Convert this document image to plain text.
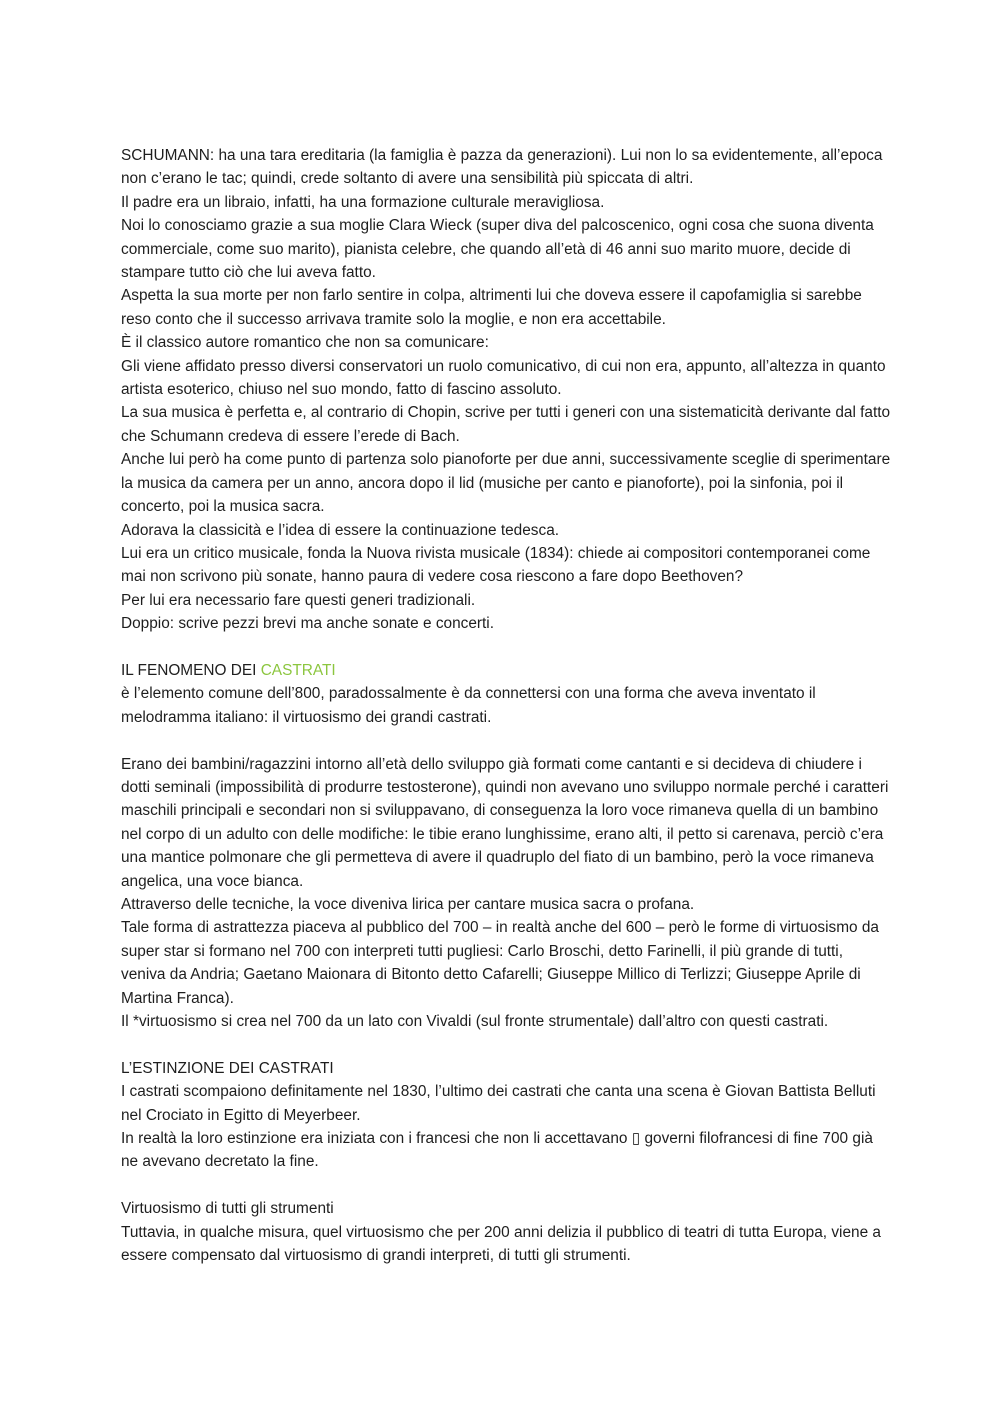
SCHUMANN: ha una tara ereditaria (la famiglia è pazza da generazioni). Lui non lo sa evidentemente, all’epoca non c’erano le tac; quindi, crede soltanto di avere una sensibilità più spiccata di altri.

Il padre era un libraio, infatti, ha una formazione culturale meravigliosa.

Noi lo conosciamo grazie a sua moglie Clara Wieck (super diva del palcoscenico, ogni cosa che suona diventa commerciale, come suo marito), pianista celebre, che quando all’età di 46 anni suo marito muore, decide di stampare tutto ciò che lui aveva fatto.

Aspetta la sua morte per non farlo sentire in colpa, altrimenti lui che doveva essere il capofamiglia si sarebbe reso conto che il successo arrivava tramite solo la moglie, e non era accettabile.

È il classico autore romantico che non sa comunicare:

Gli viene affidato presso diversi conservatori un ruolo comunicativo, di cui non era, appunto, all’altezza in quanto artista esoterico, chiuso nel suo mondo, fatto di fascino assoluto.

La sua musica è perfetta e, al contrario di Chopin, scrive per tutti i generi con una sistematicità derivante dal fatto che Schumann credeva di essere l’erede di Bach.

Anche lui però ha come punto di partenza solo pianoforte per due anni, successivamente sceglie di sperimentare la musica da camera per un anno, ancora dopo il lid (musiche per canto e pianoforte), poi la sinfonia, poi il concerto, poi la musica sacra.

Adorava la classicità e l’idea di essere la continuazione tedesca.

Lui era un critico musicale, fonda la Nuova rivista musicale (1834): chiede ai compositori contemporanei come mai non scrivono più sonate, hanno paura di vedere cosa riescono a fare dopo Beethoven?

Per lui era necessario fare questi generi tradizionali.

Doppio: scrive pezzi brevi ma anche sonate e concerti.

IL FENOMENO DEI CASTRATI

è l’elemento comune dell’800, paradossalmente è da connettersi con una forma che aveva inventato il melodramma italiano: il virtuosismo dei grandi castrati.

Erano dei bambini/ragazzini intorno all’età dello sviluppo già formati come cantanti e si decideva di chiudere i dotti seminali (impossibilità di produrre testosterone), quindi non avevano uno sviluppo normale perché i caratteri maschili principali e secondari non si sviluppavano, di conseguenza la loro voce rimaneva quella di un bambino nel corpo di un adulto con delle modifiche: le tibie erano lunghissime, erano alti, il petto si carenava, perciò c’era una mantice polmonare che gli permetteva di avere il quadruplo del fiato di un bambino, però la voce rimaneva angelica, una voce bianca.

Attraverso delle tecniche, la voce diveniva lirica per cantare musica sacra o profana.

Tale forma di astrattezza piaceva al pubblico del 700 – in realtà anche del 600 – però le forme di virtuosismo da super star si formano nel 700 con interpreti tutti pugliesi: Carlo Broschi, detto Farinelli, il più grande di tutti, veniva da Andria; Gaetano Maionara di Bitonto detto Cafarelli; Giuseppe Millico di Terlizzi; Giuseppe Aprile di Martina Franca).

Il *virtuosismo si crea nel 700 da un lato con Vivaldi (sul fronte strumentale) dall’altro con questi castrati.

L’ESTINZIONE DEI CASTRATI

I castrati scompaiono definitamente nel 1830, l’ultimo dei castrati che canta una scena è Giovan Battista Belluti nel Crociato in Egitto di Meyerbeer.

In realtà la loro estinzione era iniziata con i francesi che non li accettavano ▯ governi filofrancesi di fine 700 già ne avevano decretato la fine.

Virtuosismo di tutti gli strumenti

Tuttavia, in qualche misura, quel virtuosismo che per 200 anni delizia il pubblico di teatri di tutta Europa, viene a essere compensato dal virtuosismo di grandi interpreti, di tutti gli strumenti.
